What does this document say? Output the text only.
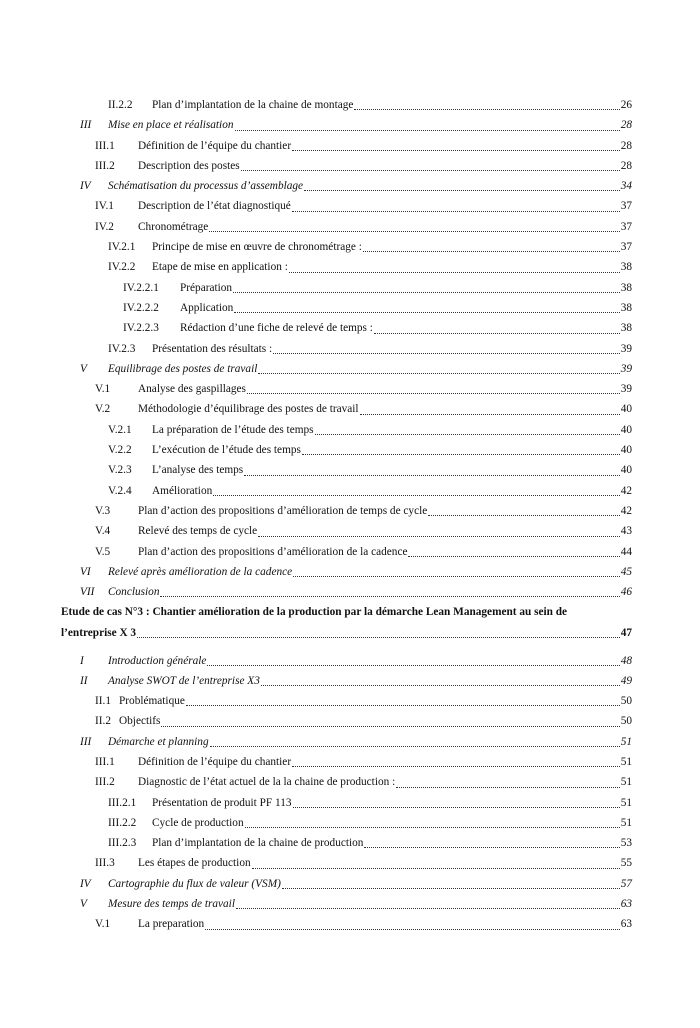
II.2.2 Plan d’implantation de la chaine de montage	26
III Mise en place et réalisation	28
III.1 Définition de l’équipe du chantier	28
III.2 Description des postes	28
IV Schématisation du processus d’assemblage	34
IV.1 Description de l’état diagnostiqué	37
IV.2 Chronométrage	37
IV.2.1 Principe de mise en œuvre de chronométrage :	37
IV.2.2 Etape de mise en application :	38
IV.2.2.1 Préparation	38
IV.2.2.2 Application	38
IV.2.2.3 Rédaction d’une fiche de relevé de temps :	38
IV.2.3 Présentation des résultats :	39
V Equilibrage des postes de travail	39
V.1 Analyse des gaspillages	39
V.2 Méthodologie d’équilibrage des postes de travail	40
V.2.1 La préparation de l’étude des temps	40
V.2.2 L’exécution de l’étude des temps	40
V.2.3 L’analyse des temps	40
V.2.4 Amélioration	42
V.3 Plan d’action des propositions d’amélioration de temps de cycle	42
V.4 Relevé des temps de cycle	43
V.5 Plan d’action des propositions d’amélioration de la cadence	44
VI Relevé après amélioration de la cadence	45
VII Conclusion	46
Etude de cas N°3 : Chantier amélioration de la production par la démarche Lean Management au sein de
l’entreprise X 3	47
I Introduction générale	48
II Analyse SWOT de l’entreprise X3	49
II.1 Problématique	50
II.2 Objectifs	50
III Démarche et planning	51
III.1 Définition de l’équipe du chantier	51
III.2 Diagnostic de l’état actuel de la la chaine de production :	51
III.2.1 Présentation de produit PF 113	51
III.2.2 Cycle de production	51
III.2.3 Plan d’implantation de la chaine de production	53
III.3 Les étapes de production	55
IV Cartographie du flux de valeur (VSM)	57
V Mesure des temps de travail	63
V.1 La preparation	63
